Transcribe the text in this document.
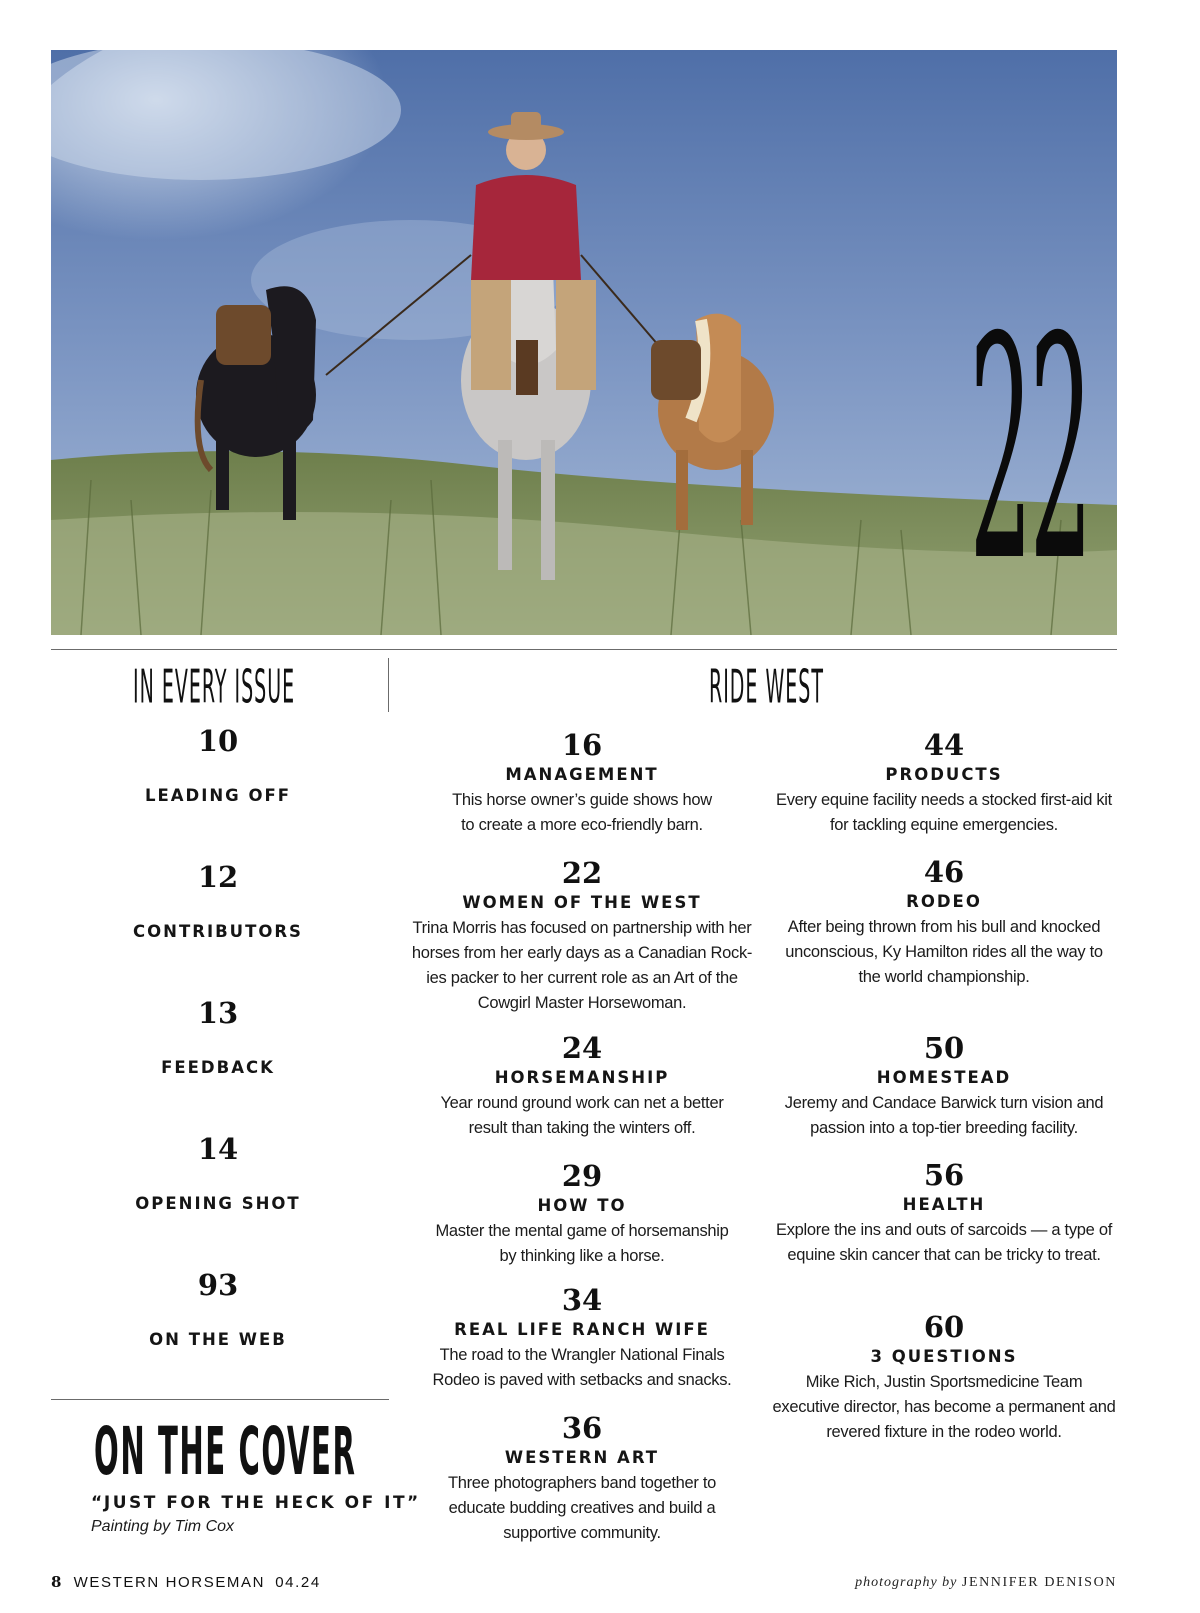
22
IN EVERY ISSUE	RIDE WEST
10
LEADING OFF
12
CONTRIBUTORS
13
FEEDBACK
14
OPENING SHOT
93
ON THE WEB
16
MANAGEMENT
This horse owner’s guide shows how to create a more eco-friendly barn.
22
WOMEN OF THE WEST
Trina Morris has focused on partnership with her horses from her early days as a Canadian Rock-ies packer to her current role as an Art of the Cowgirl Master Horsewoman.
24
HORSEMANSHIP
Year round ground work can net a better result than taking the winters off.
29
HOW TO
Master the mental game of horsemanship by thinking like a horse.
34
REAL LIFE RANCH WIFE
The road to the Wrangler National Finals Rodeo is paved with setbacks and snacks.
36
WESTERN ART
Three photographers band together to educate budding creatives and build a supportive community.
44
PRODUCTS
Every equine facility needs a stocked first-aid kit for tackling equine emergencies.
46
RODEO
After being thrown from his bull and knocked unconscious, Ky Hamilton rides all the way to the world championship.
50
HOMESTEAD
Jeremy and Candace Barwick turn vision and passion into a top-tier breeding facility.
56
HEALTH
Explore the ins and outs of sarcoids — a type of equine skin cancer that can be tricky to treat.
60
3 QUESTIONS
Mike Rich, Justin Sportsmedicine Team executive director, has become a permanent and revered fixture in the rodeo world.
ON THE COVER
“JUST FOR THE HECK OF IT”
Painting by Tim Cox
8 WESTERN HORSEMAN 04.24	photography by JENNIFER DENISON
